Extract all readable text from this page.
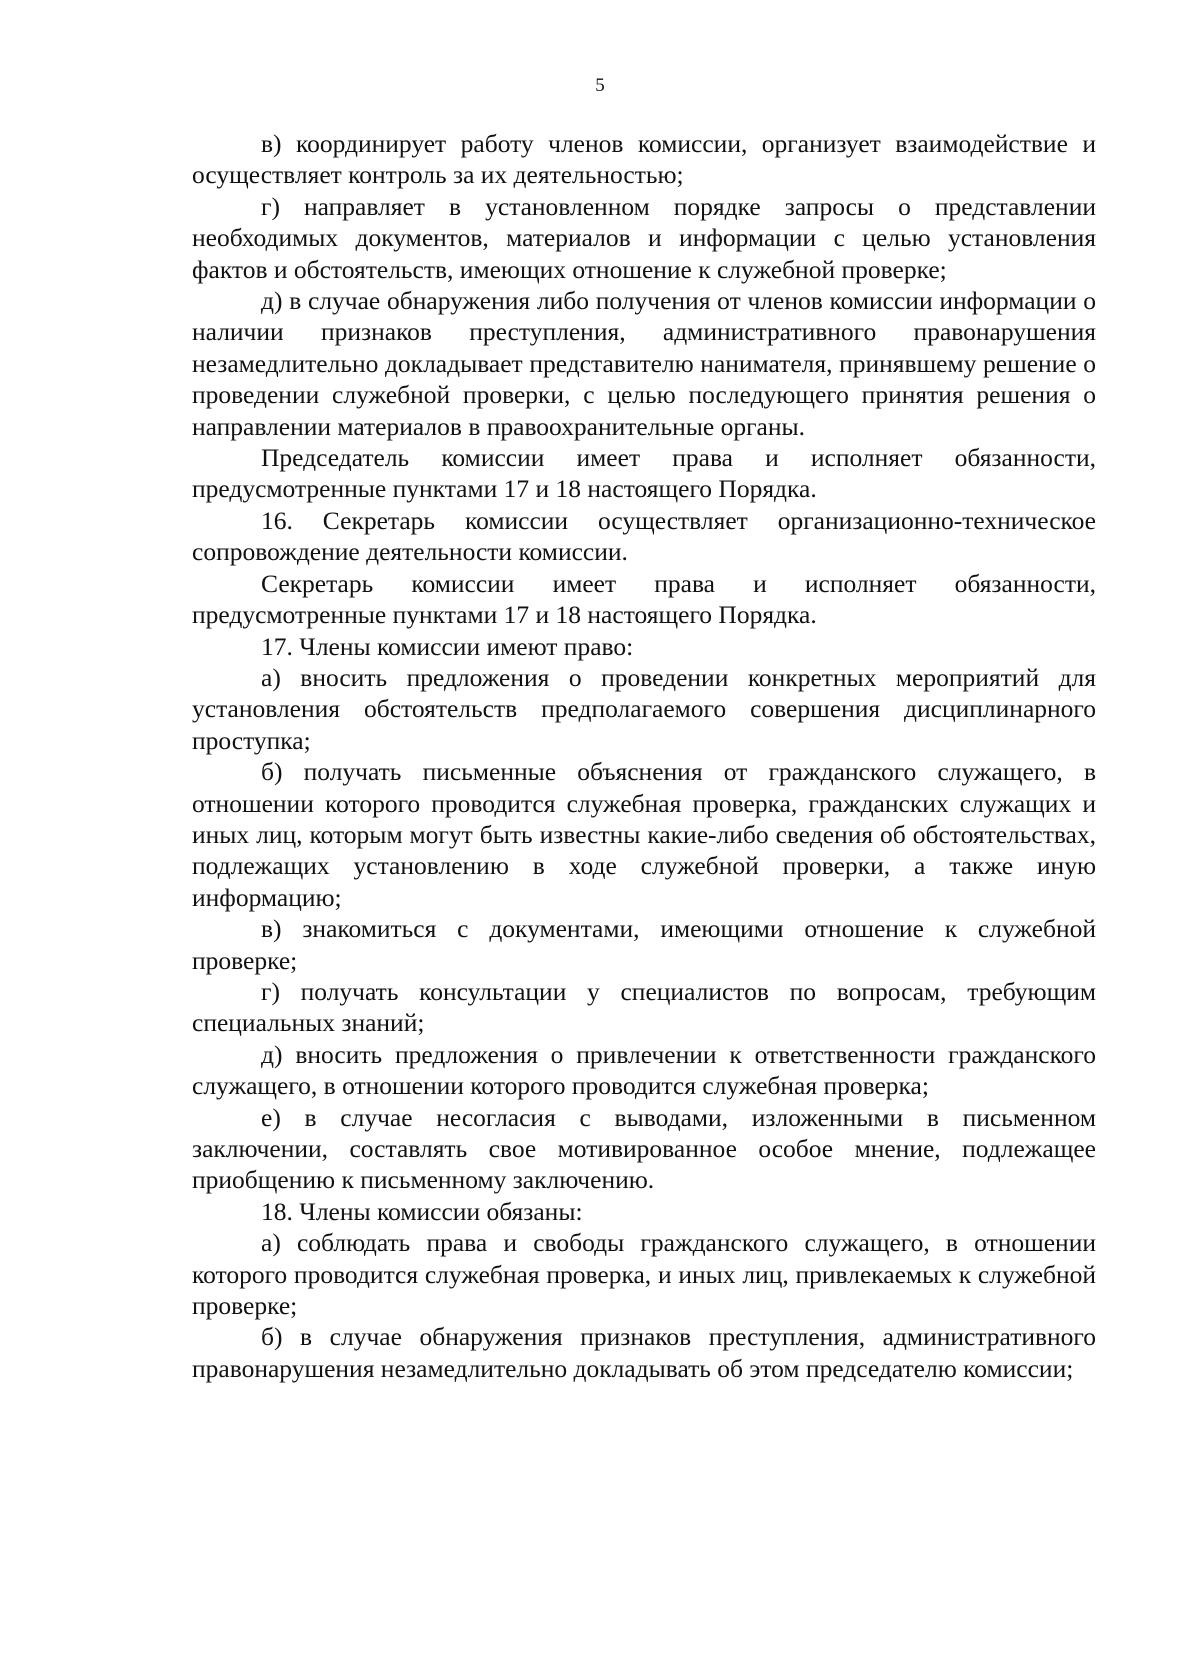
5

в) координирует работу членов комиссии, организует взаимодействие и осуществляет контроль за их деятельностью;

г) направляет в установленном порядке запросы о представлении необходимых документов, материалов и информации с целью установления фактов и обстоятельств, имеющих отношение к служебной проверке;

д) в случае обнаружения либо получения от членов комиссии информации о наличии признаков преступления, административного правонарушения незамедлительно докладывает представителю нанимателя, принявшему решение о проведении служебной проверки, с целью последующего принятия решения о направлении материалов в правоохранительные органы.

Председатель комиссии имеет права и исполняет обязанности, предусмотренные пунктами 17 и 18 настоящего Порядка.

16. Секретарь комиссии осуществляет организационно-техническое сопровождение деятельности комиссии.

Секретарь комиссии имеет права и исполняет обязанности, предусмотренные пунктами 17 и 18 настоящего Порядка.

17. Члены комиссии имеют право:

а) вносить предложения о проведении конкретных мероприятий для установления обстоятельств предполагаемого совершения дисциплинарного проступка;

б) получать письменные объяснения от гражданского служащего, в отношении которого проводится служебная проверка, гражданских служащих и иных лиц, которым могут быть известны какие-либо сведения об обстоятельствах, подлежащих установлению в ходе служебной проверки, а также иную информацию;

в) знакомиться с документами, имеющими отношение к служебной проверке;

г) получать консультации у специалистов по вопросам, требующим специальных знаний;

д) вносить предложения о привлечении к ответственности гражданского служащего, в отношении которого проводится служебная проверка;

е) в случае несогласия с выводами, изложенными в письменном заключении, составлять свое мотивированное особое мнение, подлежащее приобщению к письменному заключению.

18. Члены комиссии обязаны:

а) соблюдать права и свободы гражданского служащего, в отношении которого проводится служебная проверка, и иных лиц, привлекаемых к служебной проверке;

б) в случае обнаружения признаков преступления, административного правонарушения незамедлительно докладывать об этом председателю комиссии;
